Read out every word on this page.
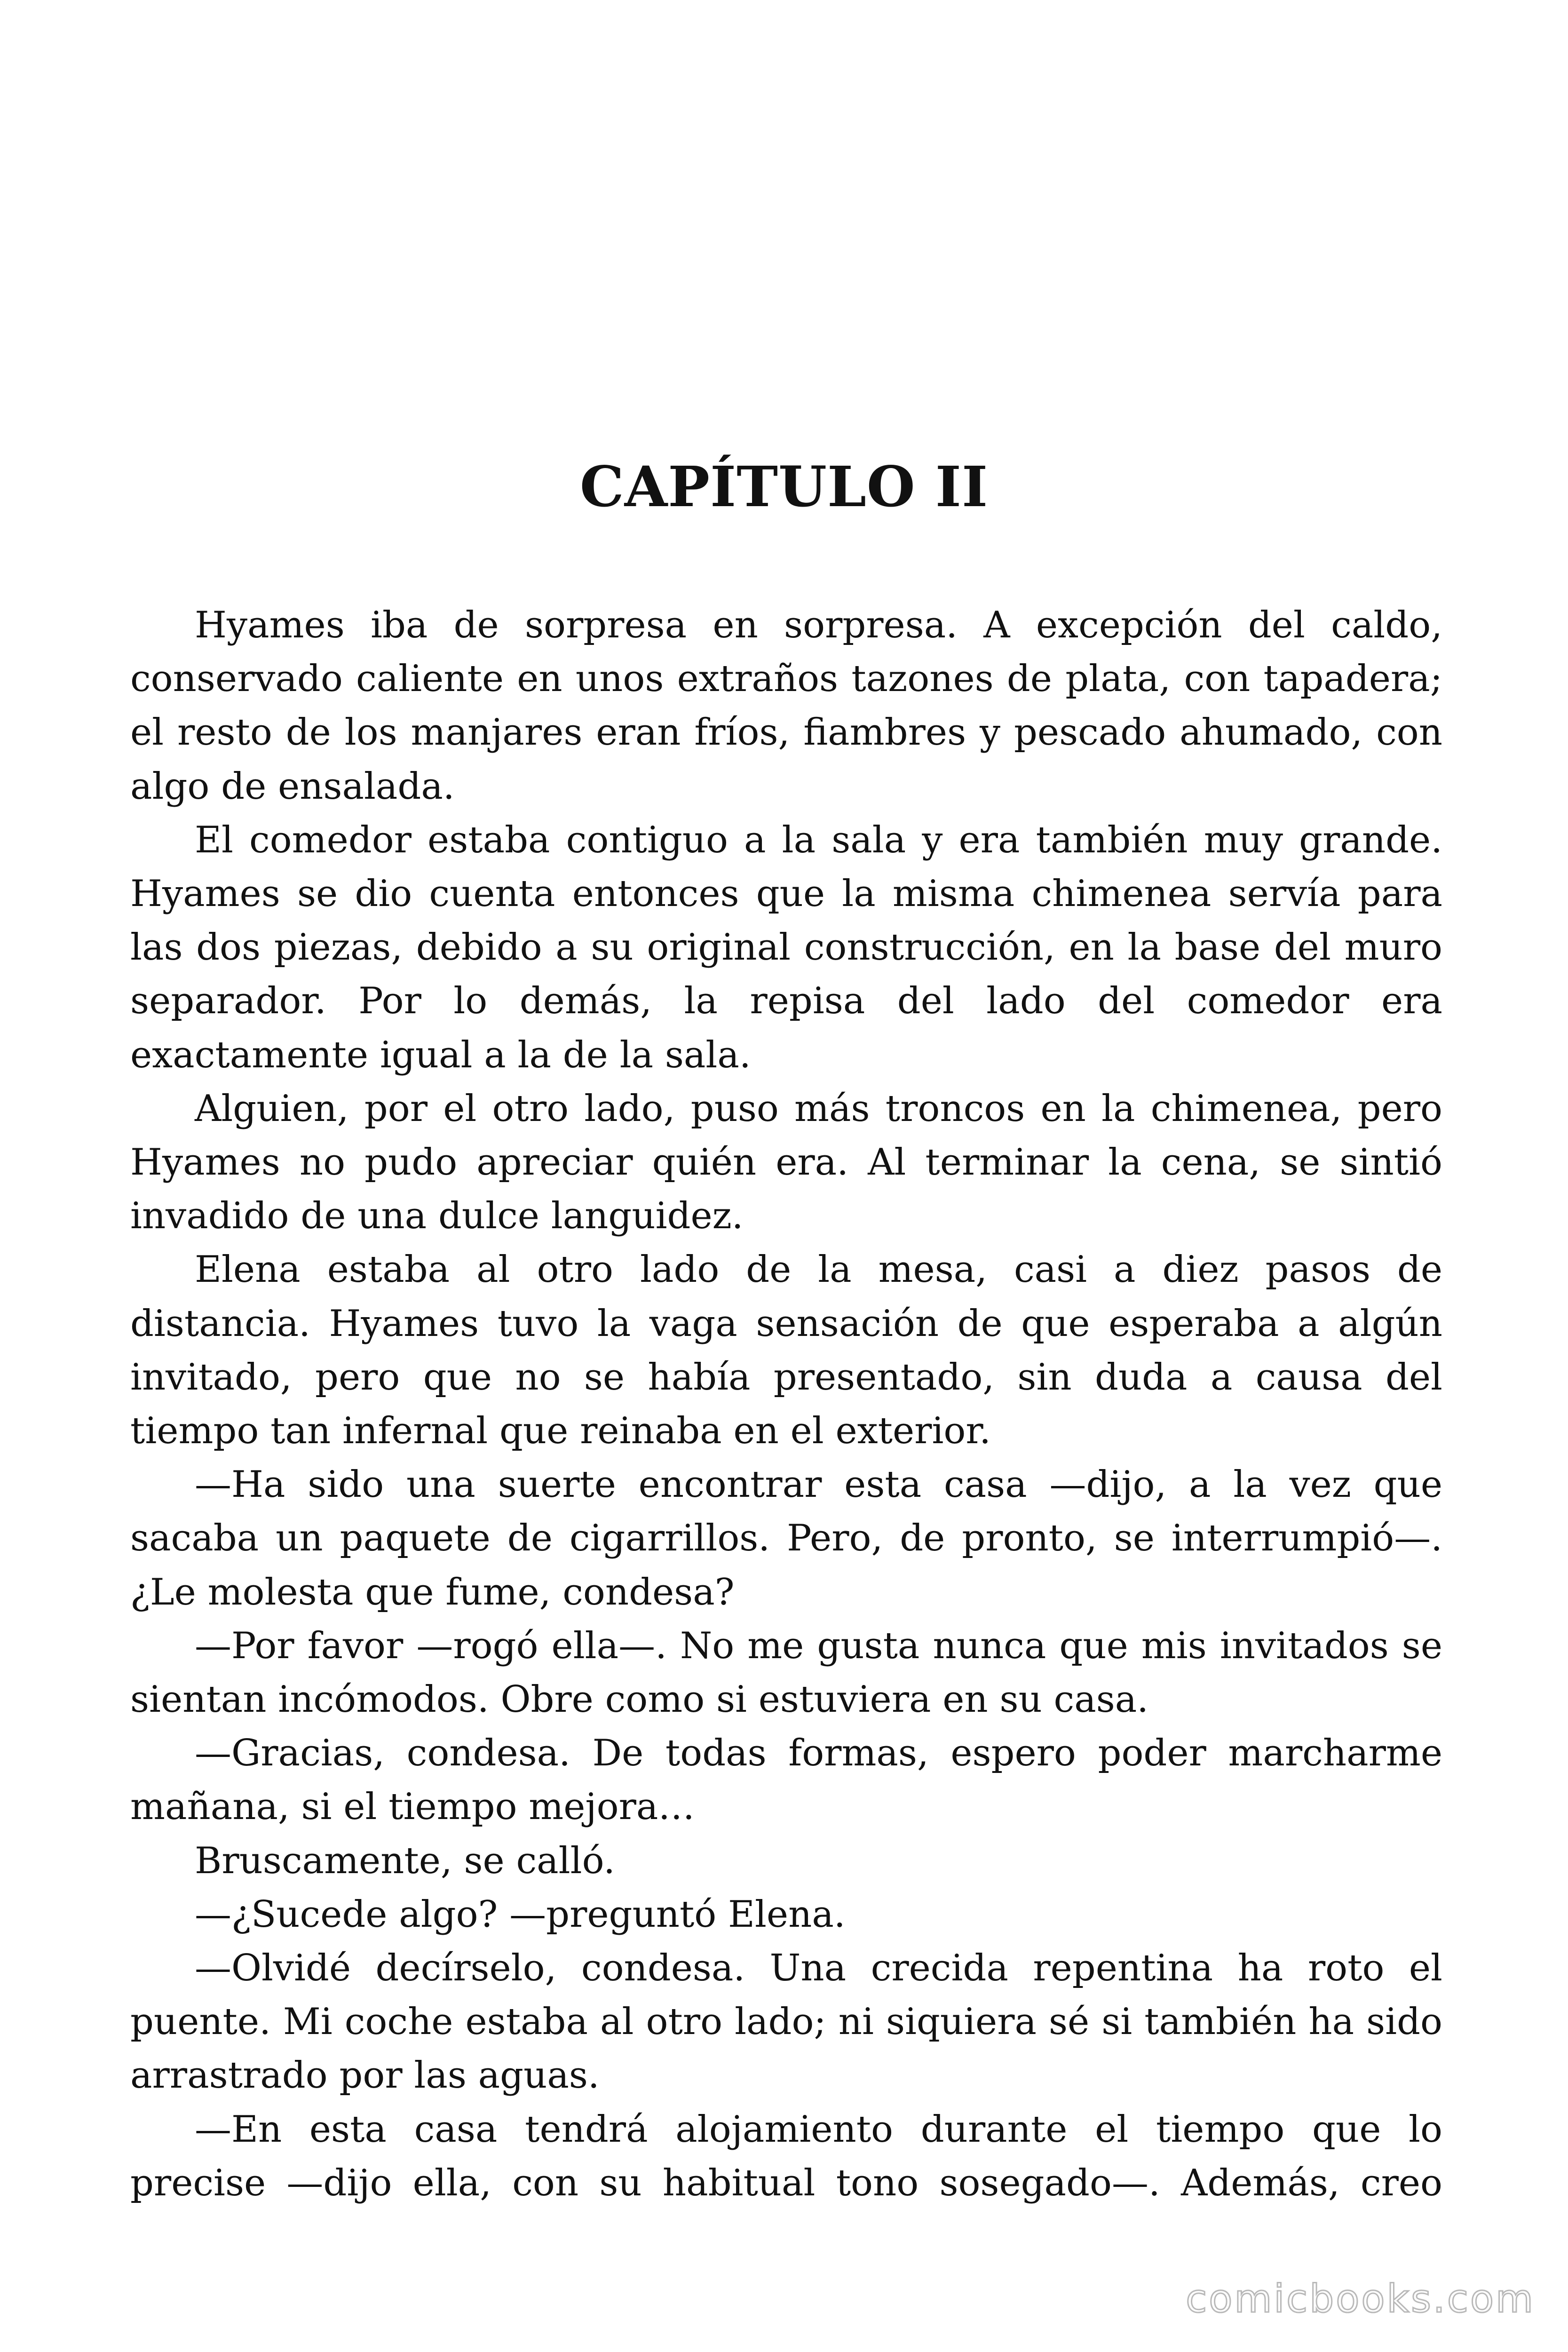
CAPÍTULO II

Hyames iba de sorpresa en sorpresa. A excepción del caldo, conservado caliente en unos extraños tazones de plata, con tapadera; el resto de los manjares eran fríos, fiambres y pescado ahumado, con algo de ensalada.

El comedor estaba contiguo a la sala y era también muy grande. Hyames se dio cuenta entonces que la misma chimenea servía para las dos piezas, debido a su original construcción, en la base del muro separador. Por lo demás, la repisa del lado del comedor era exactamente igual a la de la sala.

Alguien, por el otro lado, puso más troncos en la chimenea, pero Hyames no pudo apreciar quién era. Al terminar la cena, se sintió invadido de una dulce languidez.

Elena estaba al otro lado de la mesa, casi a diez pasos de distancia. Hyames tuvo la vaga sensación de que esperaba a algún invitado, pero que no se había presentado, sin duda a causa del tiempo tan infernal que reinaba en el exterior.

—Ha sido una suerte encontrar esta casa —dijo, a la vez que sacaba un paquete de cigarrillos. Pero, de pronto, se interrumpió—. ¿Le molesta que fume, condesa?

—Por favor —rogó ella—. No me gusta nunca que mis invitados se sientan incómodos. Obre como si estuviera en su casa.

—Gracias, condesa. De todas formas, espero poder marcharme mañana, si el tiempo mejora…

Bruscamente, se calló.

—¿Sucede algo? —preguntó Elena.

—Olvidé decírselo, condesa. Una crecida repentina ha roto el puente. Mi coche estaba al otro lado; ni siquiera sé si también ha sido arrastrado por las aguas.

—En esta casa tendrá alojamiento durante el tiempo que lo precise —dijo ella, con su habitual tono sosegado—. Además, creo

comicbooks.com
